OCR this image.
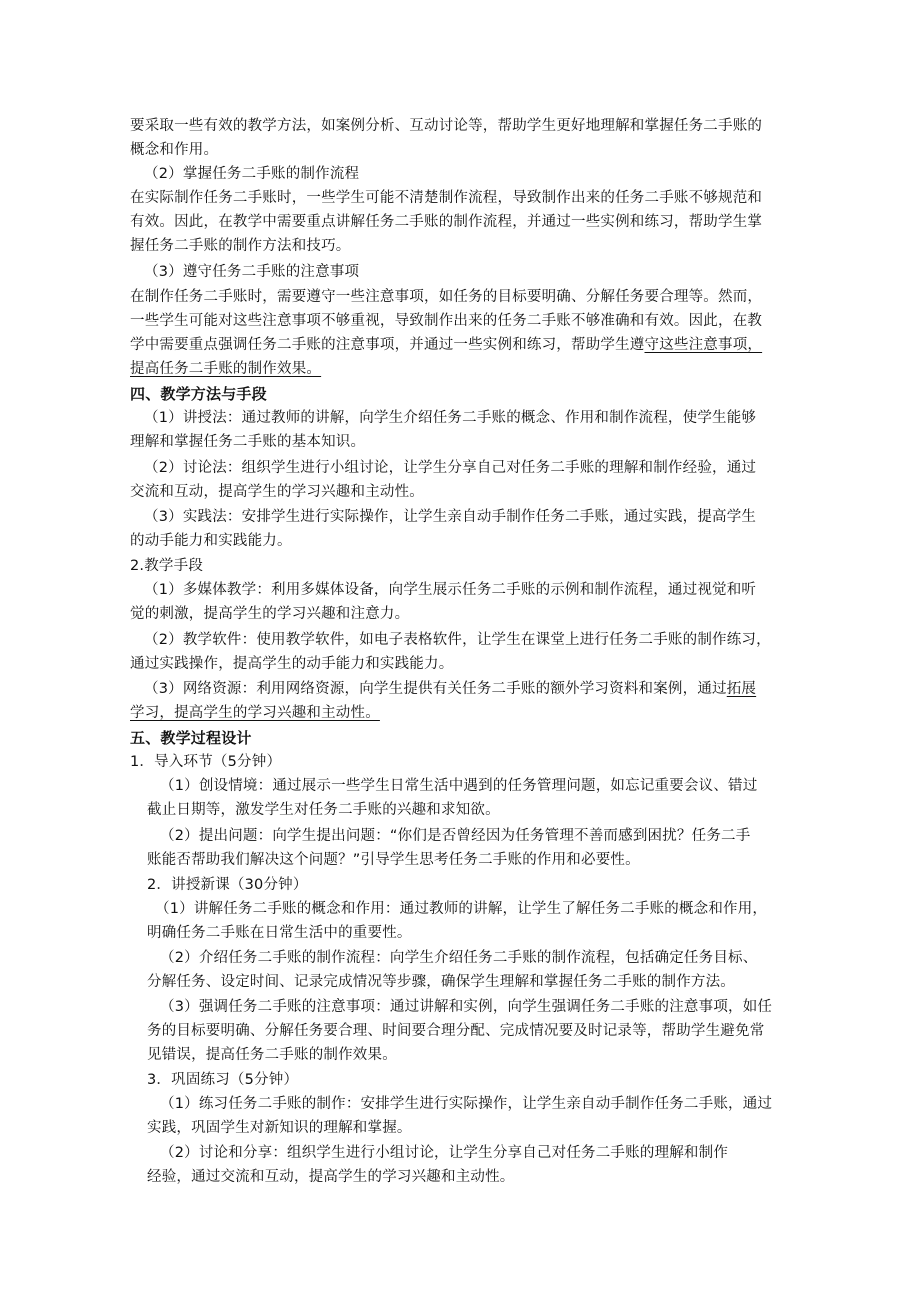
要采取一些有效的教学方法，如案例分析、互动讨论等，帮助学生更好地理解和掌握任务二手账的
概念和作用。
（2）掌握任务二手账的制作流程
在实际制作任务二手账时，一些学生可能不清楚制作流程，导致制作出来的任务二手账不够规范和
有效。因此，在教学中需要重点讲解任务二手账的制作流程，并通过一些实例和练习，帮助学生掌
握任务二手账的制作方法和技巧。
（3）遵守任务二手账的注意事项
在制作任务二手账时，需要遵守一些注意事项，如任务的目标要明确、分解任务要合理等。然而，
一些学生可能对这些注意事项不够重视，导致制作出来的任务二手账不够准确和有效。因此，在教
学中需要重点强调任务二手账的注意事项，并通过一些实例和练习，帮助学生遵守这些注意事项，
提高任务二手账的制作效果。
四、教学方法与手段
（1）讲授法：通过教师的讲解，向学生介绍任务二手账的概念、作用和制作流程，使学生能够
理解和掌握任务二手账的基本知识。
（2）讨论法：组织学生进行小组讨论，让学生分享自己对任务二手账的理解和制作经验，通过
交流和互动，提高学生的学习兴趣和主动性。
（3）实践法：安排学生进行实际操作，让学生亲自动手制作任务二手账，通过实践，提高学生
的动手能力和实践能力。
2.教学手段
（1）多媒体教学：利用多媒体设备，向学生展示任务二手账的示例和制作流程，通过视觉和听
觉的刺激，提高学生的学习兴趣和注意力。
（2）教学软件：使用教学软件，如电子表格软件，让学生在课堂上进行任务二手账的制作练习，
通过实践操作，提高学生的动手能力和实践能力。
（3）网络资源：利用网络资源，向学生提供有关任务二手账的额外学习资料和案例，通过拓展
学习，提高学生的学习兴趣和主动性。
五、教学过程设计
1．导入环节（5分钟）
（1）创设情境：通过展示一些学生日常生活中遇到的任务管理问题，如忘记重要会议、错过
截止日期等，激发学生对任务二手账的兴趣和求知欲。
（2）提出问题：向学生提出问题：“你们是否曾经因为任务管理不善而感到困扰？任务二手
账能否帮助我们解决这个问题？”引导学生思考任务二手账的作用和必要性。
2．讲授新课（30分钟）
（1）讲解任务二手账的概念和作用：通过教师的讲解，让学生了解任务二手账的概念和作用，
明确任务二手账在日常生活中的重要性。
（2）介绍任务二手账的制作流程：向学生介绍任务二手账的制作流程，包括确定任务目标、
分解任务、设定时间、记录完成情况等步骤，确保学生理解和掌握任务二手账的制作方法。
（3）强调任务二手账的注意事项：通过讲解和实例，向学生强调任务二手账的注意事项，如任
务的目标要明确、分解任务要合理、时间要合理分配、完成情况要及时记录等，帮助学生避免常
见错误，提高任务二手账的制作效果。
3．巩固练习（5分钟）
（1）练习任务二手账的制作：安排学生进行实际操作，让学生亲自动手制作任务二手账，通过
实践，巩固学生对新知识的理解和掌握。
（2）讨论和分享：组织学生进行小组讨论，让学生分享自己对任务二手账的理解和制作
经验，通过交流和互动，提高学生的学习兴趣和主动性。
